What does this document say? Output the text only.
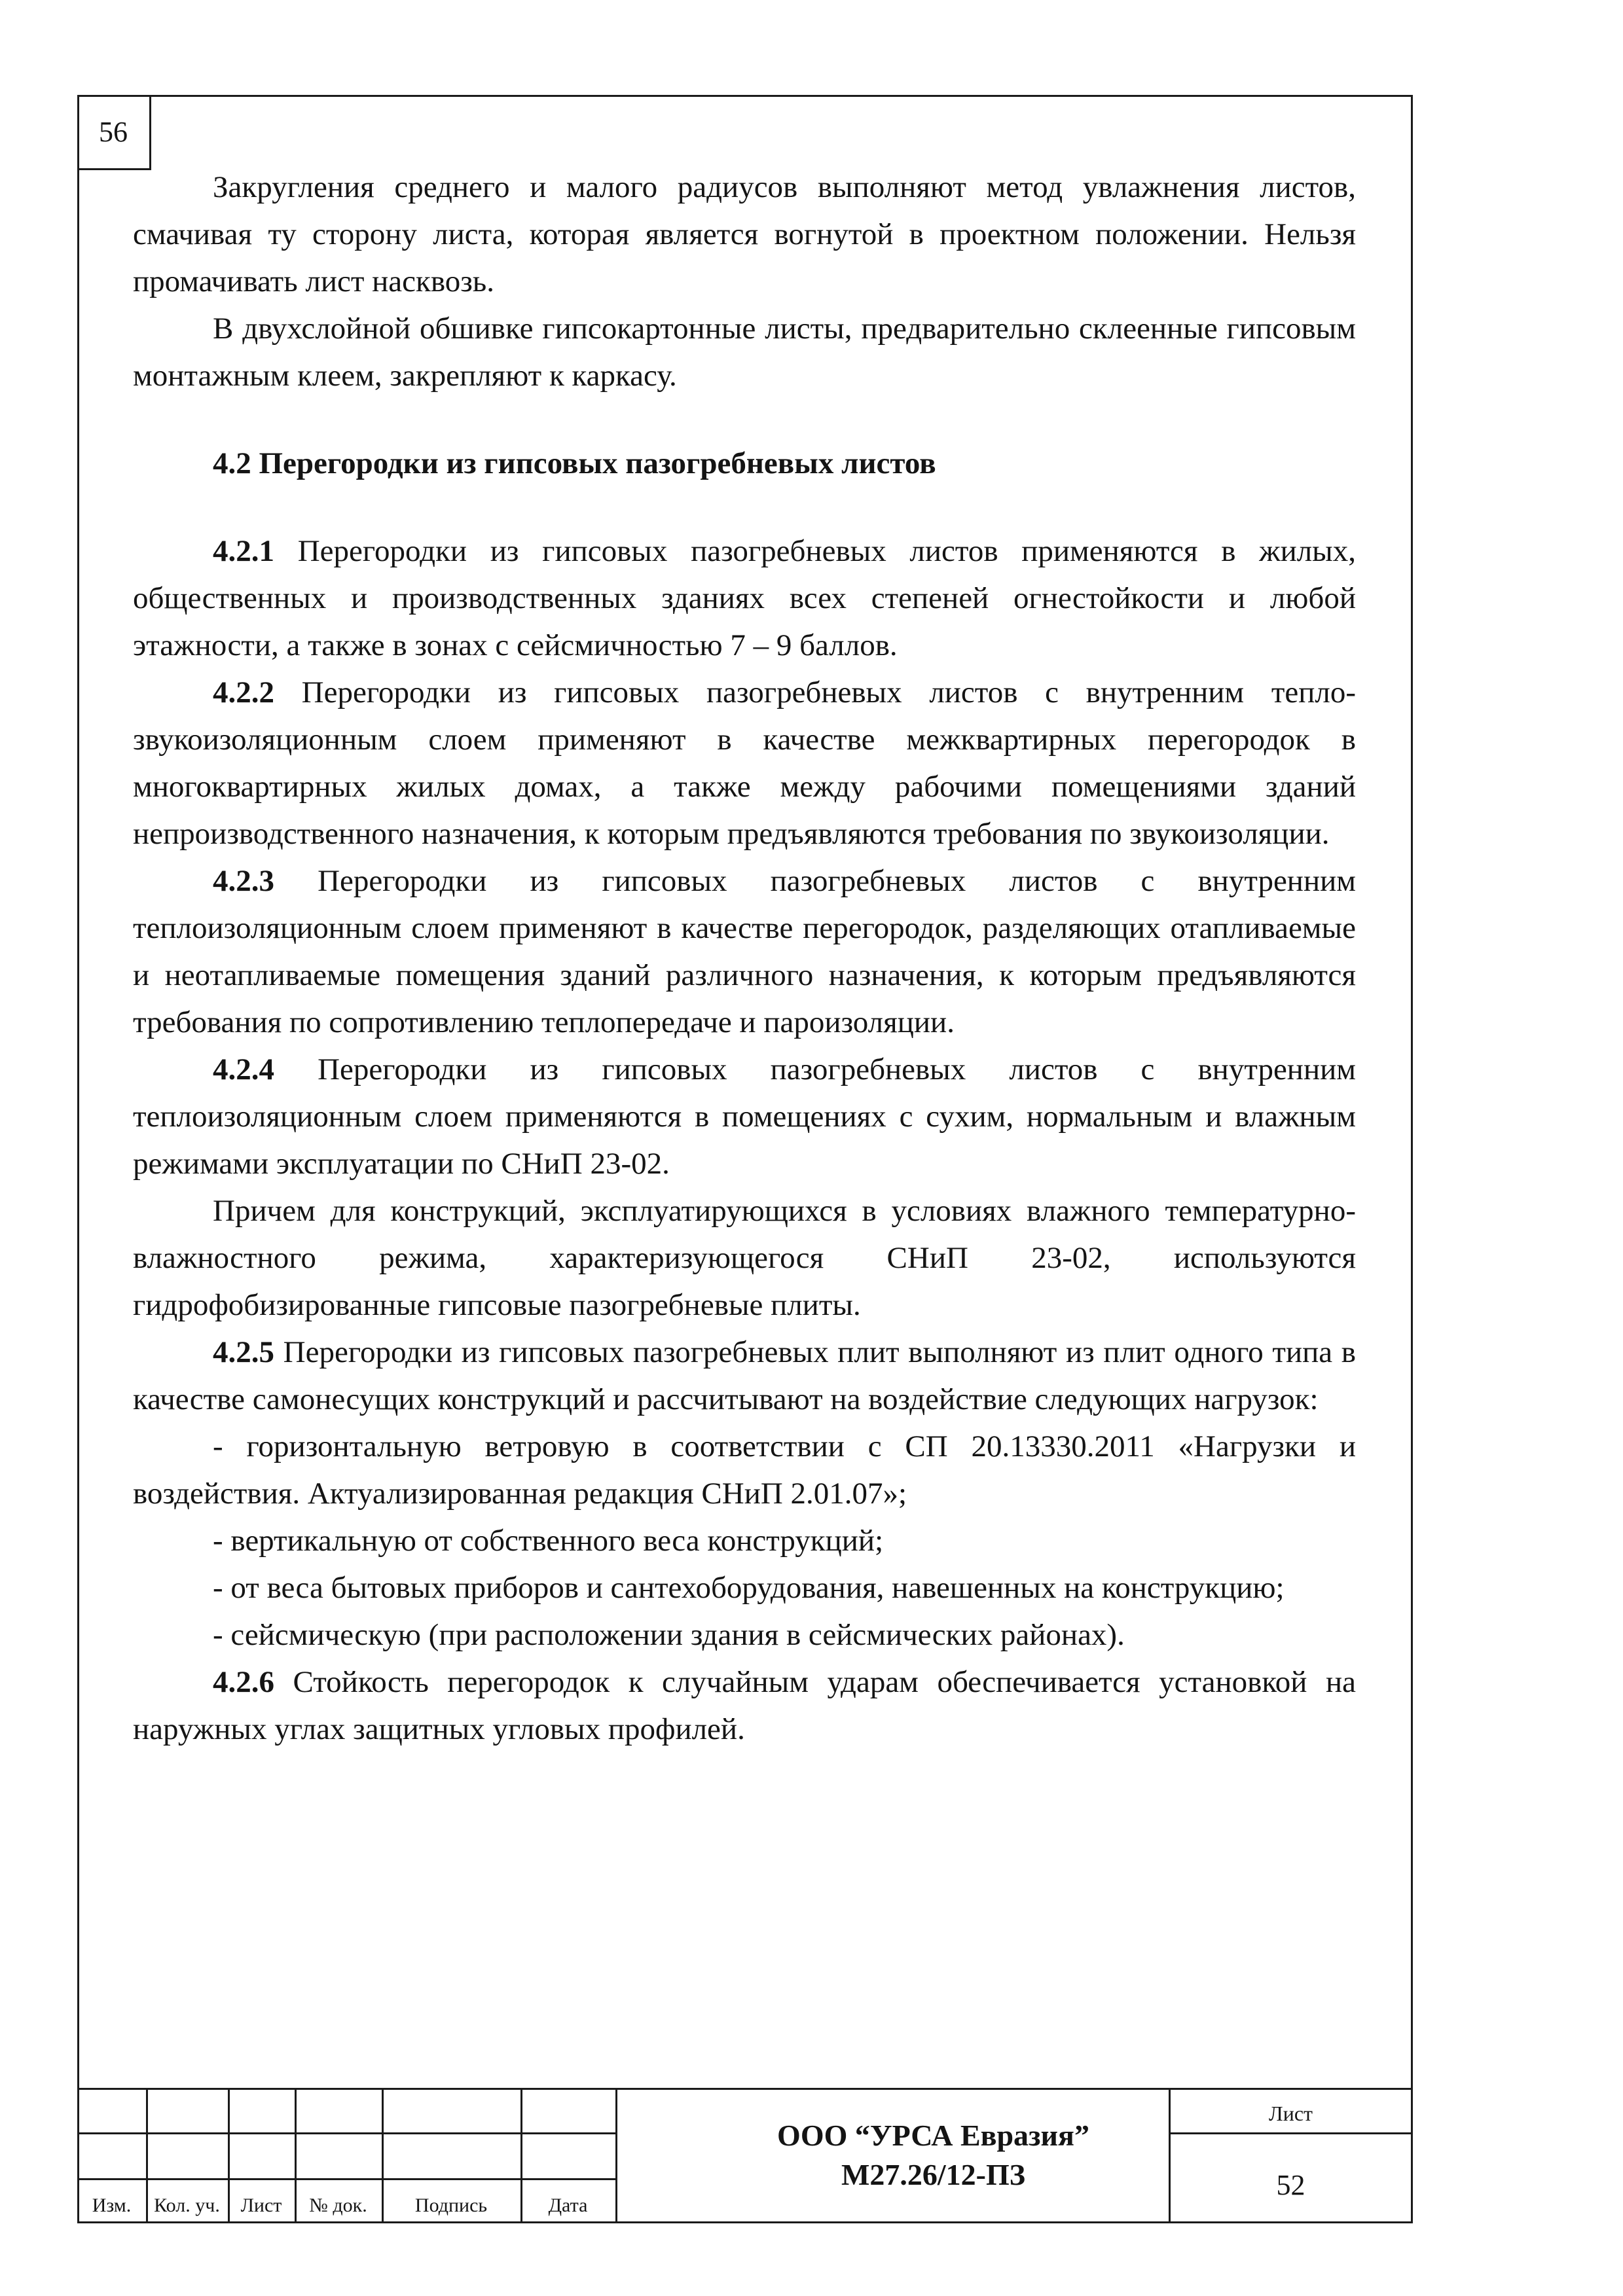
56

Закругления среднего и малого радиусов выполняют метод увлажнения листов, смачивая ту сторону листа, которая является вогнутой в проектном положении. Нельзя промачивать лист насквозь.

В двухслойной обшивке гипсокартонные листы, предварительно склеенные гипсовым монтажным клеем, закрепляют к каркасу.

4.2 Перегородки из гипсовых пазогребневых листов

4.2.1 Перегородки из гипсовых пазогребневых листов применяются в жилых, общественных и производственных зданиях всех степеней огнестойкости и любой этажности, а также в зонах с сейсмичностью 7 – 9 баллов.

4.2.2 Перегородки из гипсовых пазогребневых листов с внутренним тепло-звукоизоляционным слоем применяют в качестве межквартирных перегородок в многоквартирных жилых домах, а также между рабочими помещениями зданий непроизводственного назначения, к которым предъявляются требования по звукоизоляции.

4.2.3 Перегородки из гипсовых пазогребневых листов с внутренним теплоизоляционным слоем применяют в качестве перегородок, разделяющих отапливаемые и неотапливаемые помещения зданий различного назначения, к которым предъявляются требования по сопротивлению теплопередаче и пароизоляции.

4.2.4 Перегородки из гипсовых пазогребневых листов с внутренним теплоизоляционным слоем применяются в помещениях с сухим, нормальным и влажным режимами эксплуатации по СНиП 23-02.

Причем для конструкций, эксплуатирующихся в условиях влажного температурно-влажностного режима, характеризующегося СНиП 23-02, используются гидрофобизированные гипсовые пазогребневые плиты.

4.2.5 Перегородки из гипсовых пазогребневых плит выполняют из плит одного типа в качестве самонесущих конструкций и рассчитывают на воздействие следующих нагрузок:

- горизонтальную ветровую в соответствии с СП 20.13330.2011 «Нагрузки и воздействия. Актуализированная редакция СНиП 2.01.07»;

- вертикальную от собственного веса конструкций;

- от веса бытовых приборов и сантехоборудования, навешенных на конструкцию;

- сейсмическую (при расположении здания в сейсмических районах).

4.2.6 Стойкость перегородок к случайным ударам обеспечивается установкой на наружных углах защитных угловых профилей.

Изм.	Кол. уч.	Лист	№ док.	Подпись	Дата
ООО “УРСА Евразия”
М27.26/12-ПЗ
Лист
52
